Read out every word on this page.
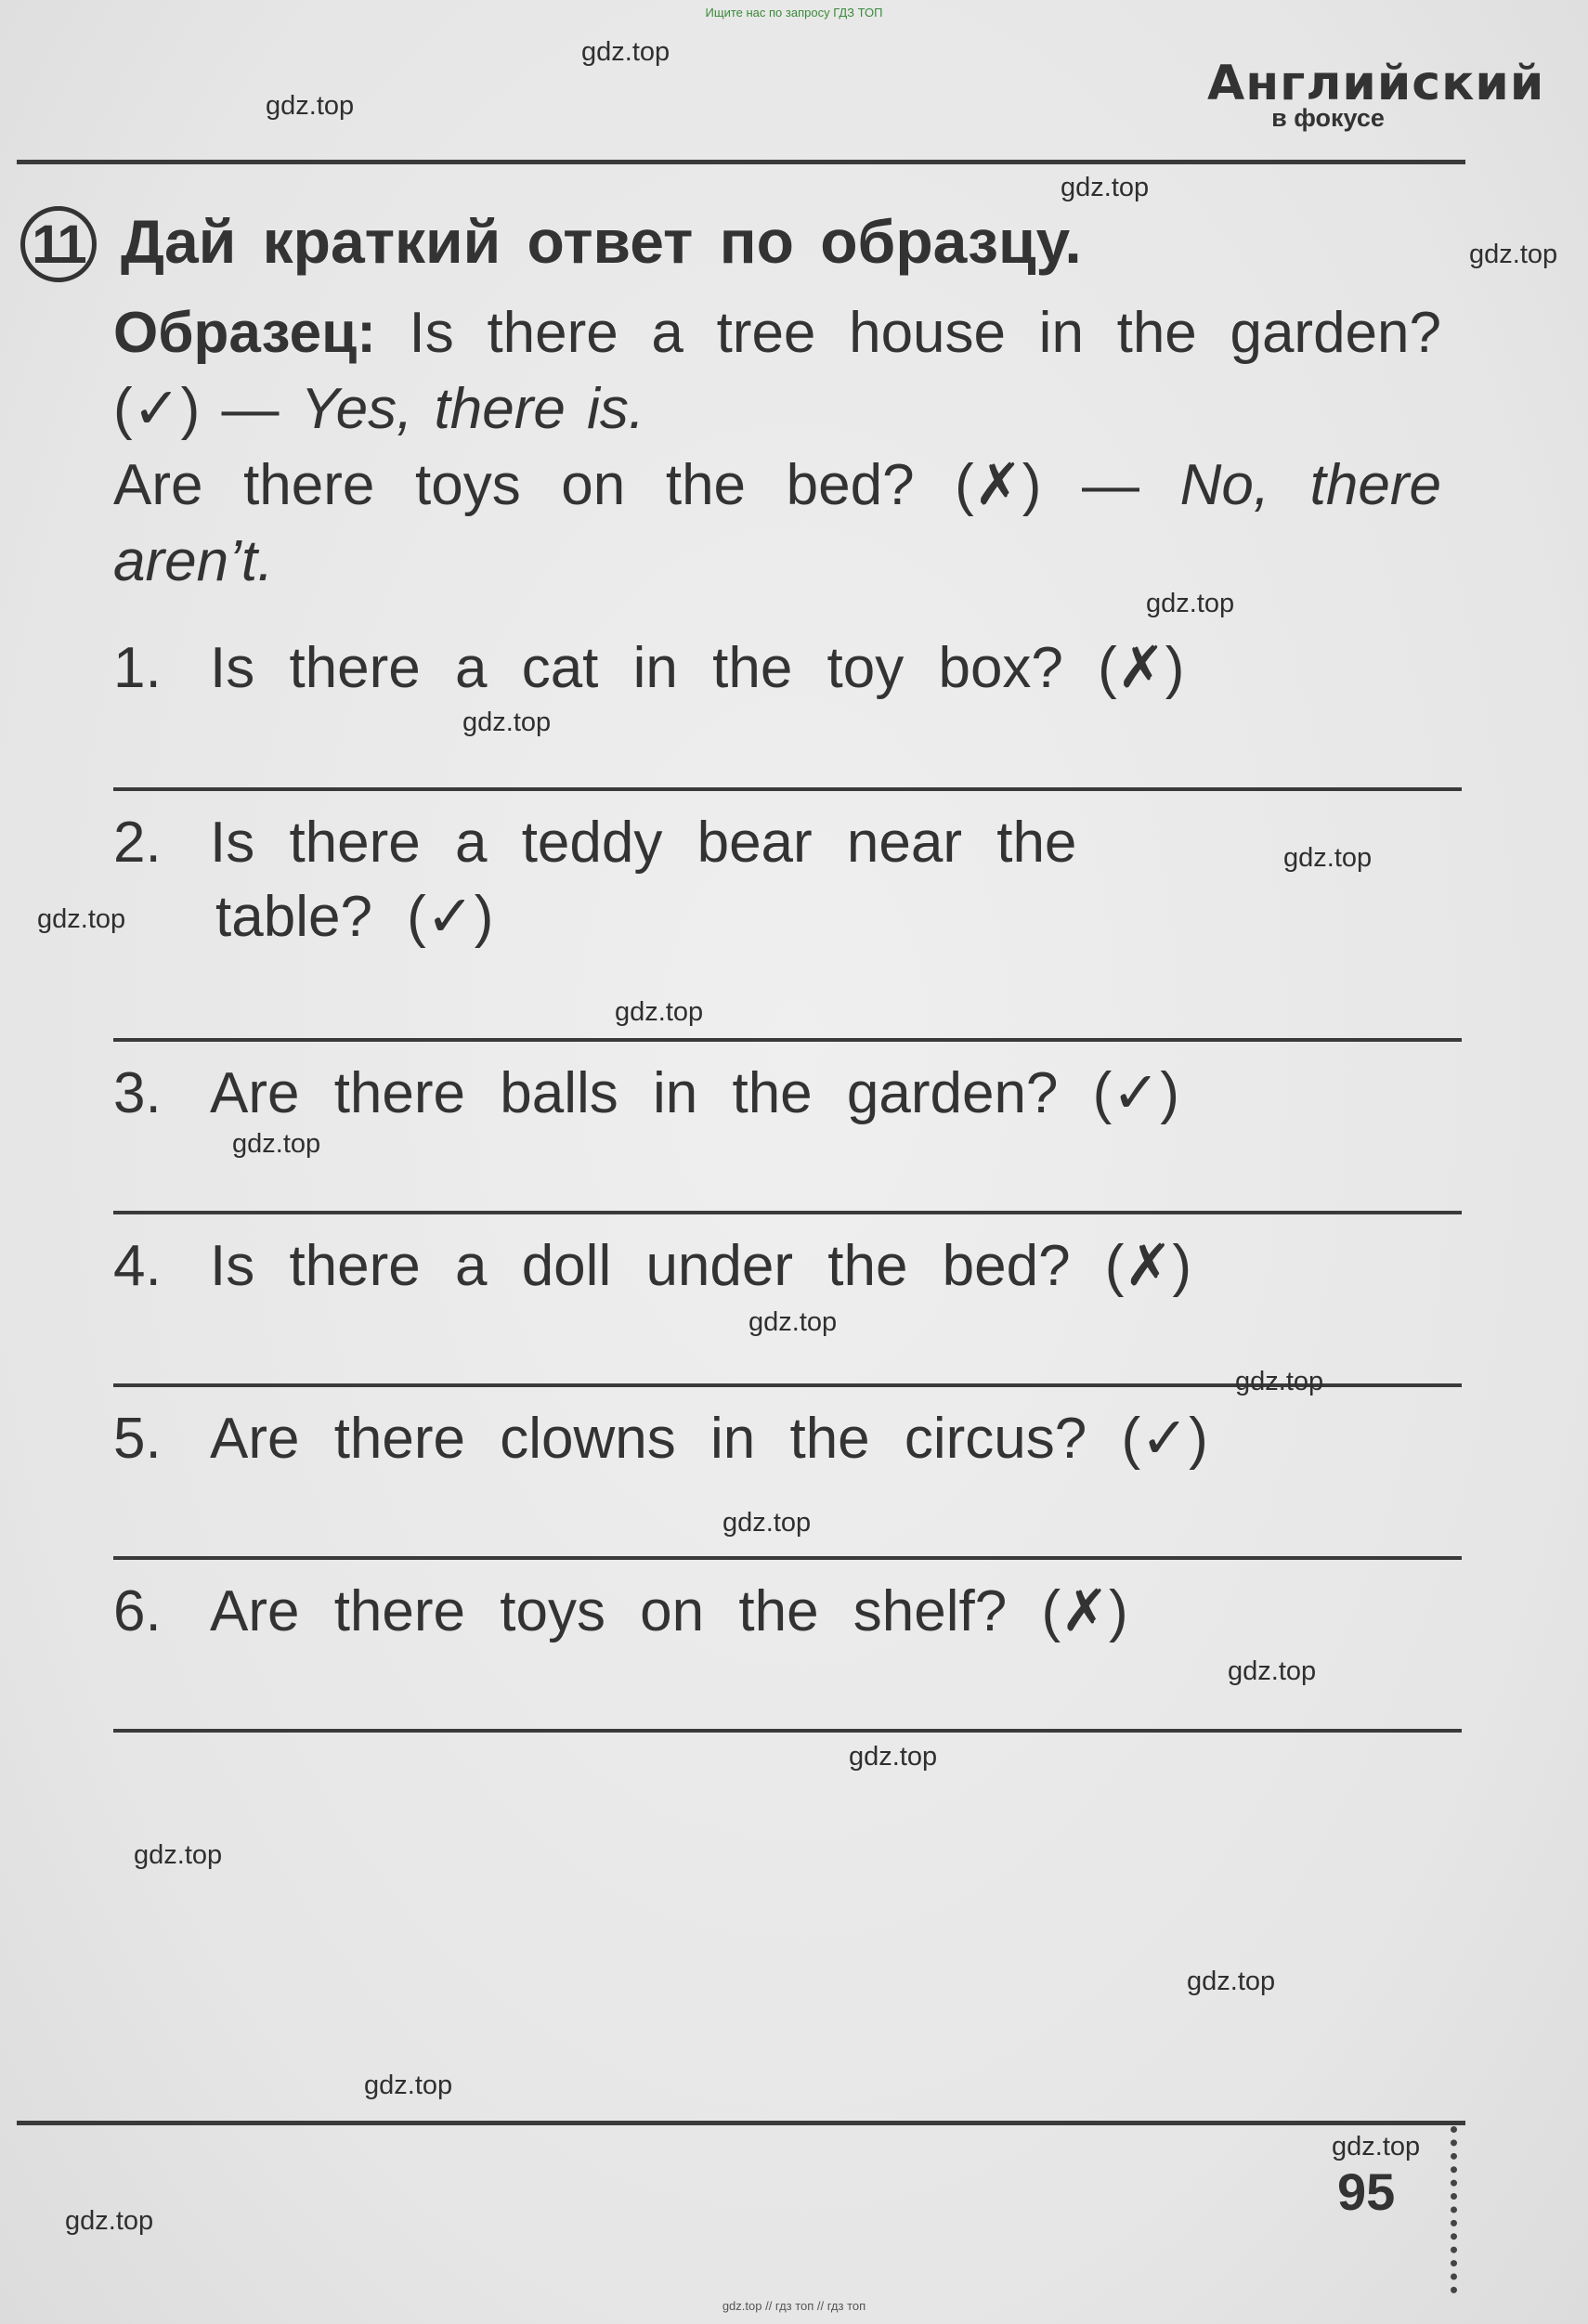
Ищите нас по запросу ГДЗ ТОП
Английский
в фокусе
11 Дай краткий ответ по образцу.
Образец: Is there a tree house in the garden? (✓) — Yes, there is.
Are there toys on the bed? (✗) — No, there aren’t.
1. Is there a cat in the toy box? (✗)
2. Is there a teddy bear near the
table? (✓)
3. Are there balls in the garden? (✓)
4. Is there a doll under the bed? (✗)
5. Are there clowns in the circus? (✓)
6. Are there toys on the shelf? (✗)
95
gdz.top // гдз топ // гдз топ
gdz.top
gdz.top
gdz.top
gdz.top
gdz.top
gdz.top
gdz.top
gdz.top
gdz.top
gdz.top
gdz.top
gdz.top
gdz.top
gdz.top
gdz.top
gdz.top
gdz.top
gdz.top
gdz.top
gdz.top
